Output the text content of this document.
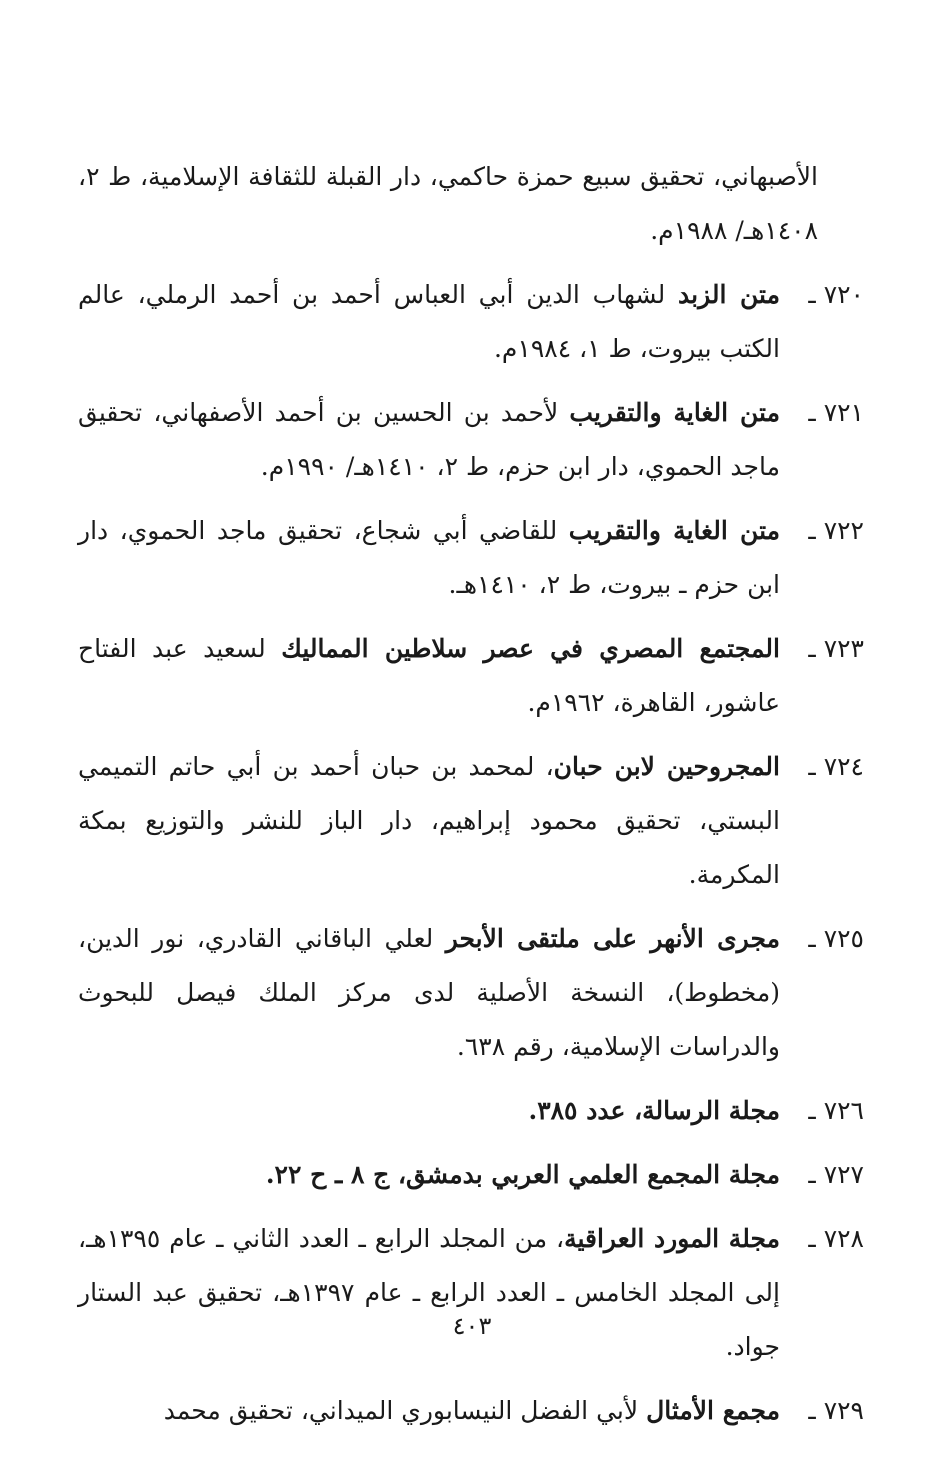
الأصبهاني، تحقيق سبيع حمزة حاكمي، دار القبلة للثقافة الإسلامية، ط ٢، ١٤٠٨هـ/ ١٩٨٨م.
٧٢٠ ـ
متن الزبد لشهاب الدين أبي العباس أحمد بن أحمد الرملي، عالم الكتب بيروت، ط ١، ١٩٨٤م.
٧٢١ ـ
متن الغاية والتقريب لأحمد بن الحسين بن أحمد الأصفهاني، تحقيق ماجد الحموي، دار ابن حزم، ط ٢، ١٤١٠هـ/ ١٩٩٠م.
٧٢٢ ـ
متن الغاية والتقريب للقاضي أبي شجاع، تحقيق ماجد الحموي، دار ابن حزم ـ بيروت، ط ٢، ١٤١٠هـ.
٧٢٣ ـ
المجتمع المصري في عصر سلاطين المماليك لسعيد عبد الفتاح عاشور، القاهرة، ١٩٦٢م.
٧٢٤ ـ
المجروحين لابن حبان، لمحمد بن حبان أحمد بن أبي حاتم التميمي البستي، تحقيق محمود إبراهيم، دار الباز للنشر والتوزيع بمكة المكرمة.
٧٢٥ ـ
مجرى الأنهر على ملتقى الأبحر لعلي الباقاني القادري، نور الدين، (مخطوط)، النسخة الأصلية لدى مركز الملك فيصل للبحوث والدراسات الإسلامية، رقم ٦٣٨.
٧٢٦ ـ
مجلة الرسالة، عدد ٣٨٥.
٧٢٧ ـ
مجلة المجمع العلمي العربي بدمشق، ج ٨ ـ ح ٢٢.
٧٢٨ ـ
مجلة المورد العراقية، من المجلد الرابع ـ العدد الثاني ـ عام ١٣٩٥هـ، إلى المجلد الخامس ـ العدد الرابع ـ عام ١٣٩٧هـ، تحقيق عبد الستار جواد.
٧٢٩ ـ
مجمع الأمثال لأبي الفضل النيسابوري الميداني، تحقيق محمد
٤٠٣
